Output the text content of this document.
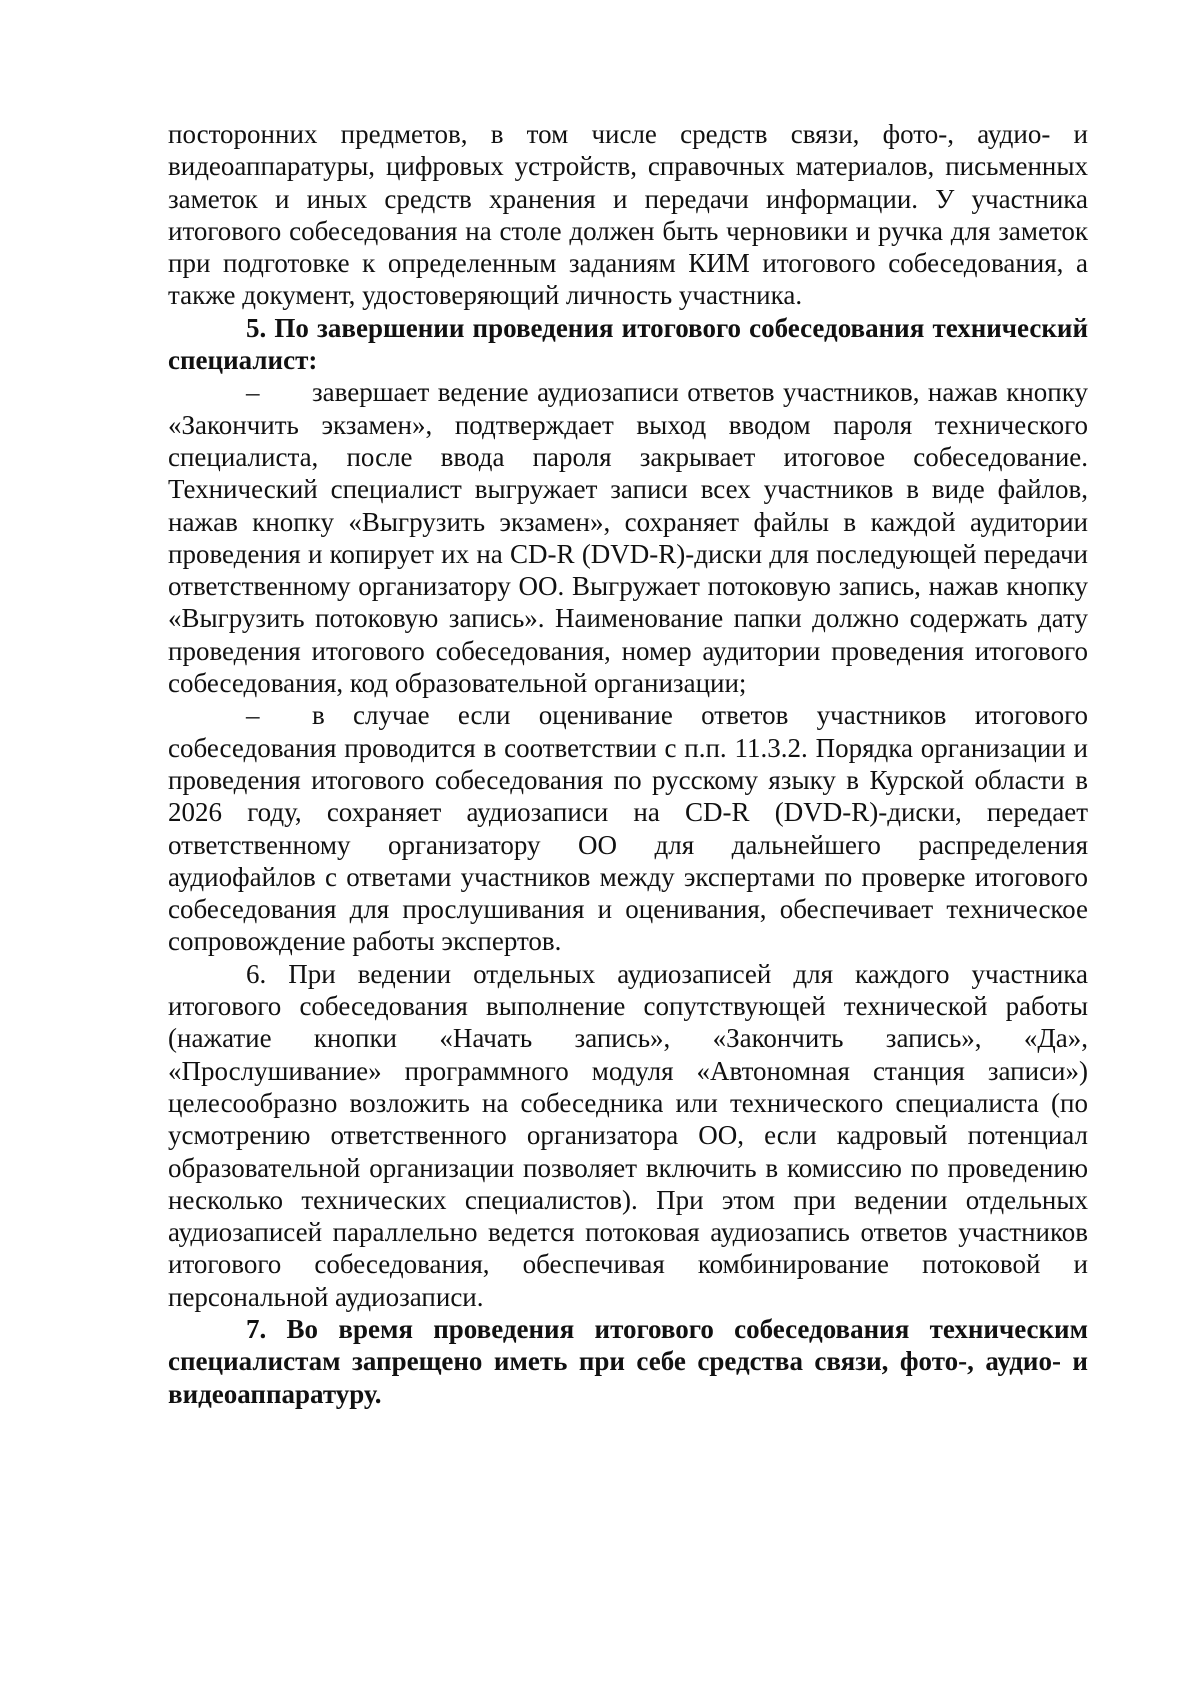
посторонних предметов, в том числе средств связи, фото-, аудио- и видеоаппаратуры, цифровых устройств, справочных материалов, письменных заметок и иных средств хранения и передачи информации. У участника итогового собеседования на столе должен быть черновики и ручка для заметок при подготовке к определенным заданиям КИМ итогового собеседования, а также документ, удостоверяющий личность участника.

5. По завершении проведения итогового собеседования технический специалист:

– завершает ведение аудиозаписи ответов участников, нажав кнопку «Закончить экзамен», подтверждает выход вводом пароля технического специалиста, после ввода пароля закрывает итоговое собеседование. Технический специалист выгружает записи всех участников в виде файлов, нажав кнопку «Выгрузить экзамен», сохраняет файлы в каждой аудитории проведения и копирует их на CD-R (DVD-R)-диски для последующей передачи ответственному организатору ОО. Выгружает потоковую запись, нажав кнопку «Выгрузить потоковую запись». Наименование папки должно содержать дату проведения итогового собеседования, номер аудитории проведения итогового собеседования, код образовательной организации;

– в случае если оценивание ответов участников итогового собеседования проводится в соответствии с п.п. 11.3.2. Порядка организации и проведения итогового собеседования по русскому языку в Курской области в 2026 году, сохраняет аудиозаписи на CD-R (DVD-R)-диски, передает ответственному организатору ОО для дальнейшего распределения аудиофайлов с ответами участников между экспертами по проверке итогового собеседования для прослушивания и оценивания, обеспечивает техническое сопровождение работы экспертов.

6. При ведении отдельных аудиозаписей для каждого участника итогового собеседования выполнение сопутствующей технической работы (нажатие кнопки «Начать запись», «Закончить запись», «Да», «Прослушивание» программного модуля «Автономная станция записи») целесообразно возложить на собеседника или технического специалиста (по усмотрению ответственного организатора ОО, если кадровый потенциал образовательной организации позволяет включить в комиссию по проведению несколько технических специалистов). При этом при ведении отдельных аудиозаписей параллельно ведется потоковая аудиозапись ответов участников итогового собеседования, обеспечивая комбинирование потоковой и персональной аудиозаписи.

7. Во время проведения итогового собеседования техническим специалистам запрещено иметь при себе средства связи, фото-, аудио- и видеоаппаратуру.
